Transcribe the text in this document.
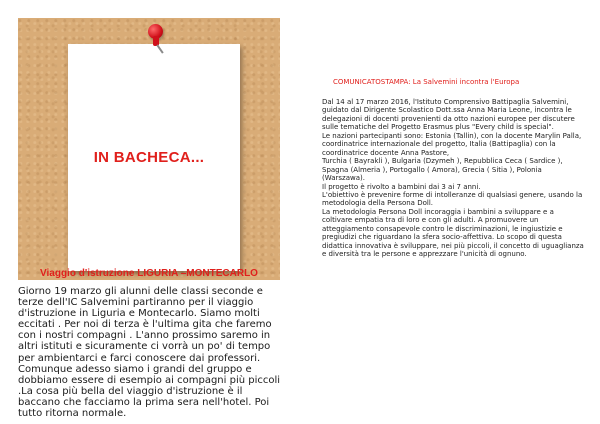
IN BACHECA...
Viaggio d'istruzione LIGURIA –MONTECARLO
Giorno 19 marzo gli alunni delle classi seconde e terze dell'IC Salvemini partiranno per il viaggio d'istruzione in Liguria e Montecarlo. Siamo molti eccitati . Per noi di terza è l'ultima gita che faremo con i nostri compagni . L'anno prossimo saremo in altri istituti e sicuramente ci vorrà un po' di tempo per ambientarci e farci conoscere dai professori. Comunque adesso siamo i grandi del gruppo e dobbiamo essere di esempio ai compagni più piccoli .La cosa più bella del viaggio d'istruzione è il baccano che facciamo la prima sera nell'hotel. Poi tutto ritorna normale.
COMUNICATOSTAMPA: La Salvemini incontra l'Europa

Dal 14 al 17 marzo 2016, l'Istituto Comprensivo Battipaglia Salvemini, guidato dal Dirigente Scolastico Dott.ssa Anna Maria Leone, incontra le delegazioni di docenti provenienti da otto nazioni europee per discutere sulle tematiche del Progetto Erasmus plus "Every child is special".

Le nazioni partecipanti sono: Estonia (Tallin), con la docente Marylin Palla, coordinatrice internazionale del progetto, Italia (Battipaglia) con la coordinatrice docente Anna Pastore,

Turchia ( Bayrakli ), Bulgaria (Dzymeh ), Repubblica Ceca ( Sardice ), Spagna (Almeria ), Portogallo ( Amora), Grecia ( Sitia ), Polonia (Warszawa).

Il progetto è rivolto a bambini dai 3 ai 7 anni.

L'obiettivo è prevenire forme di intolleranze di qualsiasi genere, usando la metodologia della Persona Doll.

La metodologia Persona Doll incoraggia i bambini a sviluppare e a coltivare empatia tra di loro e con gli adulti. A promuovere un atteggiamento consapevole contro le discriminazioni, le ingiustizie e pregiudizi che riguardano la sfera socio-affettiva. Lo scopo di questa didattica innovativa è sviluppare, nei più piccoli, il concetto di uguaglianza e diversità tra le persone e apprezzare l'unicità di ognuno.
